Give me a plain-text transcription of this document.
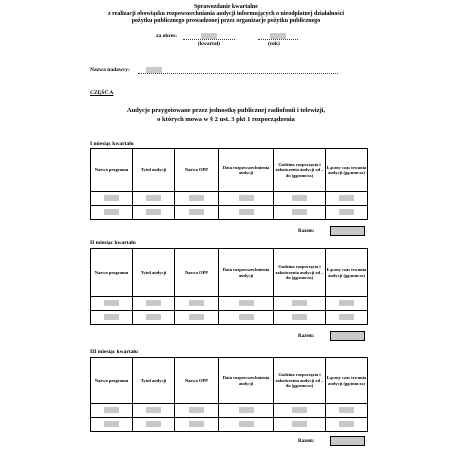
Sprawozdanie kwartalne
z realizacji obowiązku rozpowszechniania audycji informujących o nieodpłatnej działalności
pożytku publicznego prowadzonej przez organizacje pożytku publicznego
za okres:
(kwartał)	(rok)
Nazwa nadawcy:
CZĘŚĆ A
Audycje przygotowane przez jednostkę publicznej radiofonii i telewizji,
o których mowa w § 2 ust. 3 pkt 1 rozporządzenia
I miesiąc kwartału
Nazwa programu	Tytuł audycji	Nazwa OPP	Data rozpowszechnienia audycji	Godzina rozpoczęcia i zakończenia audycji od – do (gg:mm:ss)	Łączny czas trwania audycji (gg:mm:ss)

Razem:
II miesiąc kwartału
Nazwa programu	Tytuł audycji	Nazwa OPP	Data rozpowszechnienia audycji	Godzina rozpoczęcia i zakończenia audycji od – do (gg:mm:ss)	Łączny czas trwania audycji (gg:mm:ss)

Razem:
III miesiąc kwartału
Nazwa programu	Tytuł audycji	Nazwa OPP	Data rozpowszechnienia audycji	Godzina rozpoczęcia i zakończenia audycji od – do (gg:mm:ss)	Łączny czas trwania audycji (gg:mm:ss)

Razem:
